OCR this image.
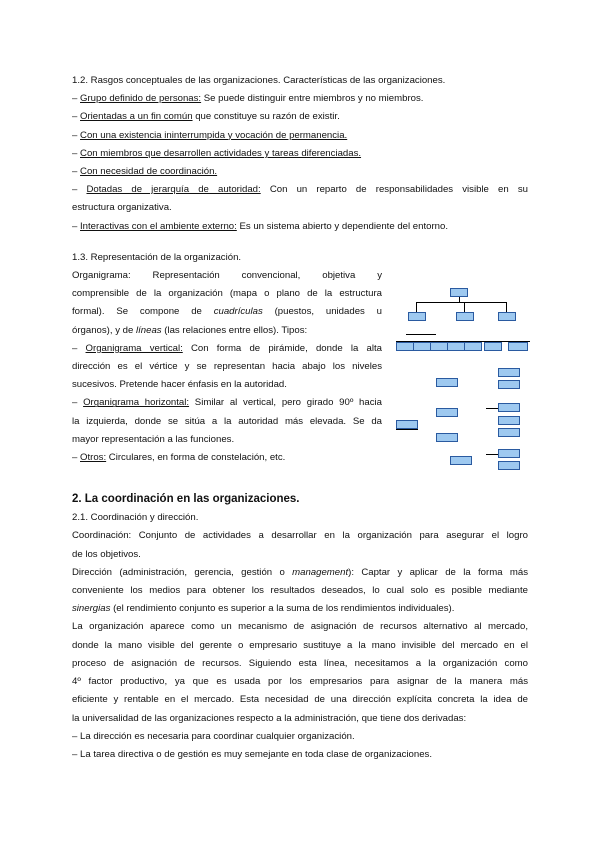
1.2. Rasgos conceptuales de las organizaciones. Características de las organizaciones.
– Grupo definido de personas: Se puede distinguir entre miembros y no miembros.
– Orientadas a un fin común que constituye su razón de existir.
– Con una existencia ininterrumpida y vocación de permanencia.
– Con miembros que desarrollen actividades y tareas diferenciadas.
– Con necesidad de coordinación.
– Dotadas de jerarquía de autoridad: Con un reparto de responsabilidades visible en su
estructura organizativa.
– Interactivas con el ambiente externo: Es un sistema abierto y dependiente del entorno.
1.3. Representación de la organización.
Organigrama: Representación convencional, objetiva y
comprensible de la organización (mapa o plano de la estructura
formal). Se compone de cuadrículas (puestos, unidades u
órganos), y de líneas (las relaciones entre ellos). Tipos:
– Organigrama vertical: Con forma de pirámide, donde la alta
dirección es el vértice y se representan hacia abajo los niveles
sucesivos. Pretende hacer énfasis en la autoridad.
– Organigrama horizontal: Similar al vertical, pero girado 90º hacia
la izquierda, donde se sitúa a la autoridad más elevada. Se da
mayor representación a las funciones.
– Otros: Circulares, en forma de constelación, etc.
2. La coordinación en las organizaciones.
2.1. Coordinación y dirección.
Coordinación: Conjunto de actividades a desarrollar en la organización para asegurar el logro
de los objetivos.
Dirección (administración, gerencia, gestión o management): Captar y aplicar de la forma más
conveniente los medios para obtener los resultados deseados, lo cual solo es posible mediante
sinergias (el rendimiento conjunto es superior a la suma de los rendimientos individuales).
La organización aparece como un mecanismo de asignación de recursos alternativo al mercado,
donde la mano visible del gerente o empresario sustituye a la mano invisible del mercado en el
proceso de asignación de recursos. Siguiendo esta línea, necesitamos a la organización como
4º factor productivo, ya que es usada por los empresarios para asignar de la manera más
eficiente y rentable en el mercado. Esta necesidad de una dirección explícita concreta la idea de
la universalidad de las organizaciones respecto a la administración, que tiene dos derivadas:
– La dirección es necesaria para coordinar cualquier organización.
– La tarea directiva o de gestión es muy semejante en toda clase de organizaciones.
